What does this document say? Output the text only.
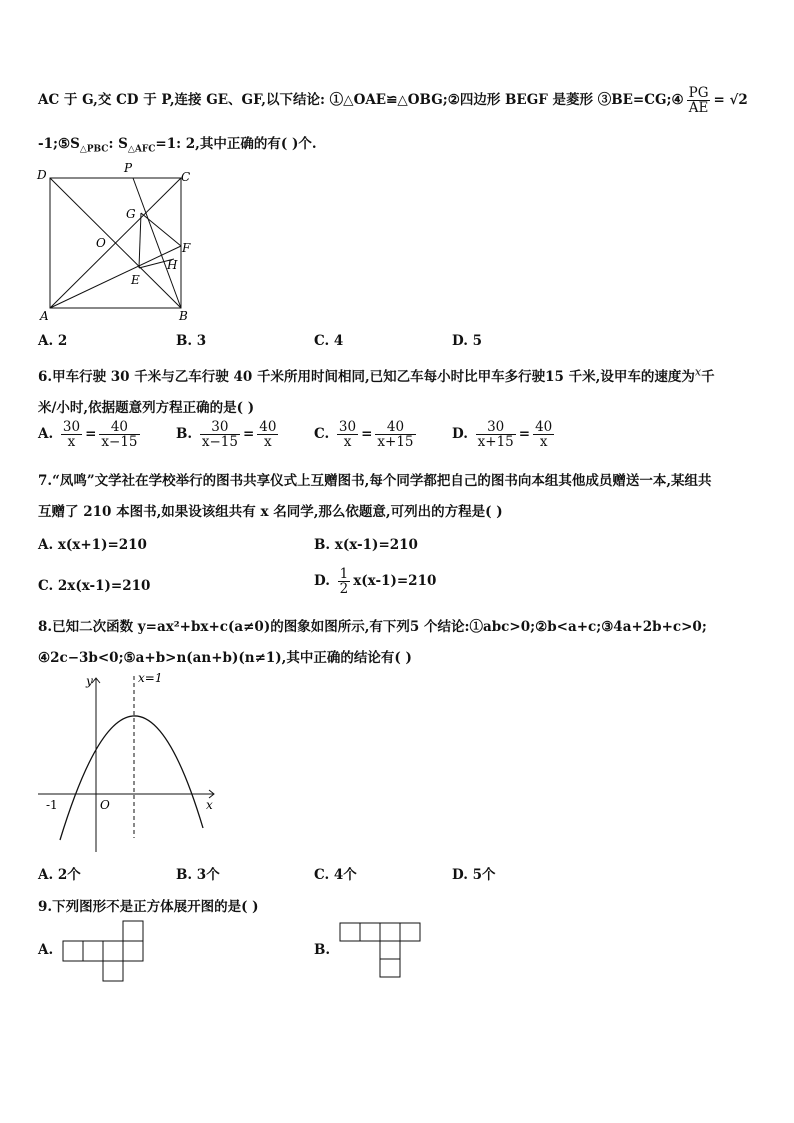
AC 于 G,交 CD 于 P,连接 GE、GF,以下结论: ①△OAE≌△OBG;②四边形 BEGF 是菱形 ③BE=CG;④ $\frac{PG}{AE} = √2$
$-1;⑤S_{\triangle PBC}$: $S_{\triangle AFC}=1$: 2,其中正确的有( )个.
D	P
C
G
O	F
H
E
A	B
A. 2	B. 3	C. 4	D. 5
6.甲车行驶 30 千米与乙车行驶 40 千米所用时间相同,已知乙车每小时比甲车多行驶15 千米,设甲车的速度为$^x$千
米/小时,依据题意列方程正确的是( )
A. $\frac{30}{x} = \frac{40}{x-15}$	B. $\frac{30}{x-15} = \frac{40}{x}$	C. $\frac{30}{x} = \frac{40}{x+15}$	D. $\frac{30}{x+15} = \frac{40}{x}$
7.“凤鸣”文学社在学校举行的图书共享仪式上互赠图书,每个同学都把自己的图书向本组其他成员赠送一本,某组共
互赠了 210 本图书,如果设该组共有 x 名同学,那么依题意,可列出的方程是( )
A. x(x+1)=210	B. x(x-1)=210
C. 2x(x-1)=210	D. $\frac{1}{2} x(x-1)=210$
8.已知二次函数 y=ax²+bx+c(a≠0)的图象如图所示,有下列5 个结论:①abc>0;②b<a+c;③4a+2b+c>0;
④2c−3b<0;⑤a+b>n(an+b)(n≠1),其中正确的结论有( )
y	x=1
x
-1	O
A. 2个	B. 3个	C. 4个	D. 5个
9.下列图形不是正方体展开图的是( )
A.	B.
